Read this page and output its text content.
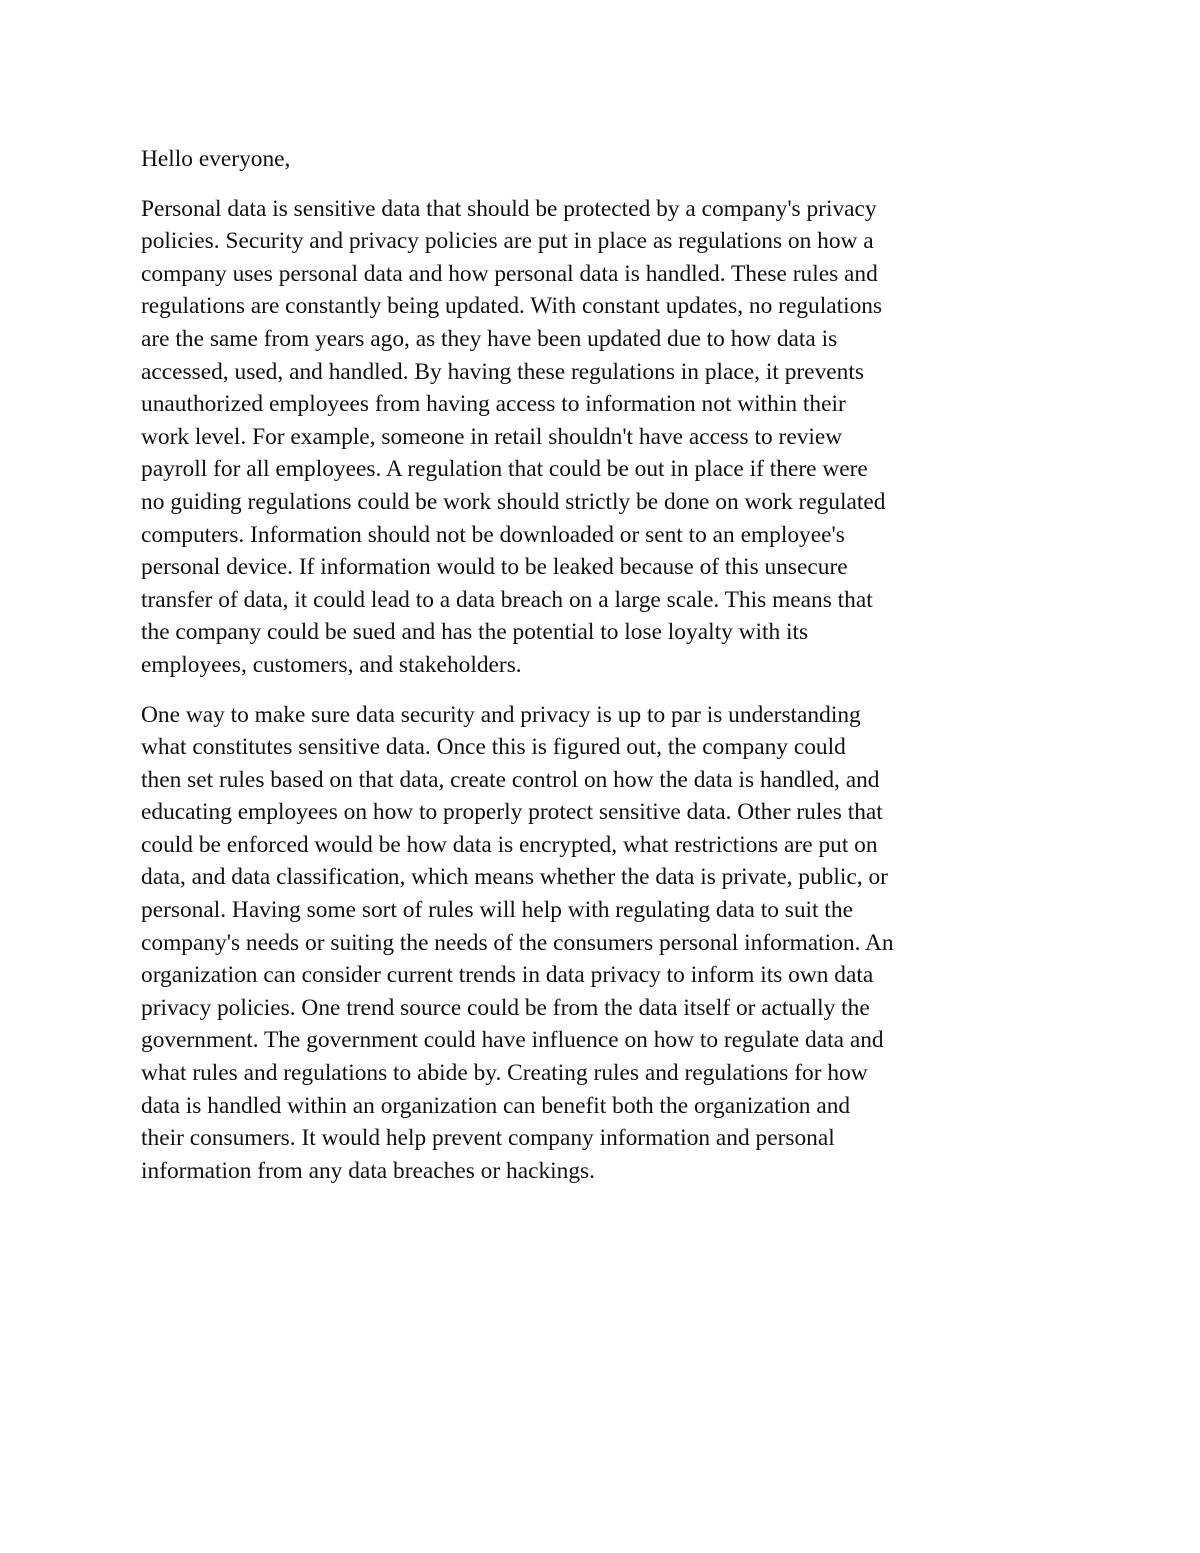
Hello everyone,
Personal data is sensitive data that should be protected by a company's privacy
policies. Security and privacy policies are put in place as regulations on how a
company uses personal data and how personal data is handled. These rules and
regulations are constantly being updated. With constant updates, no regulations
are the same from years ago, as they have been updated due to how data is
accessed, used, and handled. By having these regulations in place, it prevents
unauthorized employees from having access to information not within their
work level. For example, someone in retail shouldn't have access to review
payroll for all employees. A regulation that could be out in place if there were
no guiding regulations could be work should strictly be done on work regulated
computers. Information should not be downloaded or sent to an employee's
personal device. If information would to be leaked because of this unsecure
transfer of data, it could lead to a data breach on a large scale. This means that
the company could be sued and has the potential to lose loyalty with its
employees, customers, and stakeholders.
One way to make sure data security and privacy is up to par is understanding
what constitutes sensitive data. Once this is figured out, the company could
then set rules based on that data, create control on how the data is handled, and
educating employees on how to properly protect sensitive data. Other rules that
could be enforced would be how data is encrypted, what restrictions are put on
data, and data classification, which means whether the data is private, public, or
personal. Having some sort of rules will help with regulating data to suit the
company's needs or suiting the needs of the consumers personal information. An
organization can consider current trends in data privacy to inform its own data
privacy policies. One trend source could be from the data itself or actually the
government. The government could have influence on how to regulate data and
what rules and regulations to abide by. Creating rules and regulations for how
data is handled within an organization can benefit both the organization and
their consumers. It would help prevent company information and personal
information from any data breaches or hackings.
